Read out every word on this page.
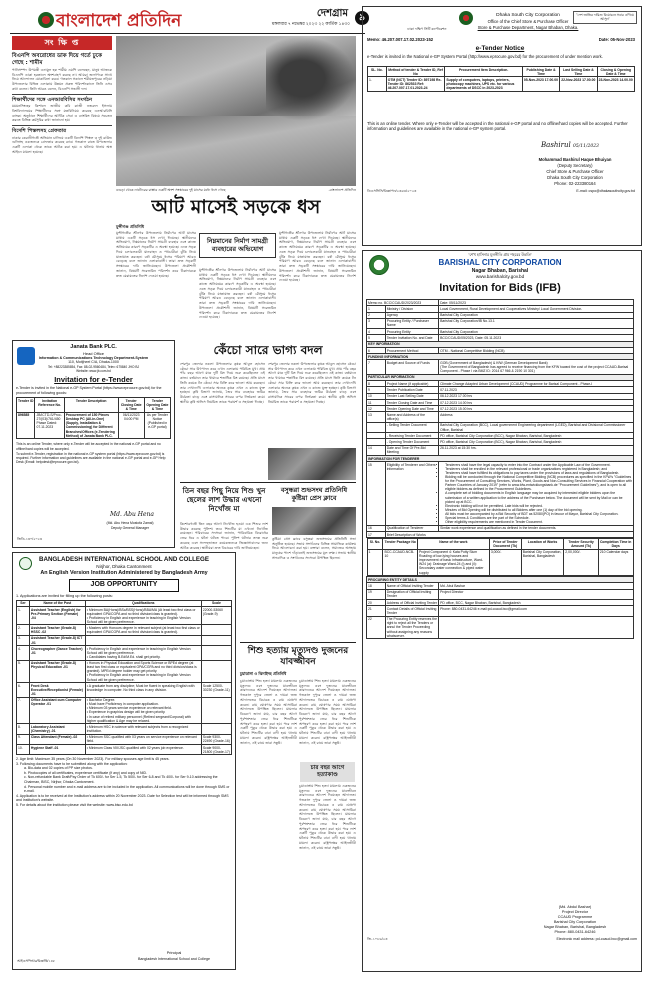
বাংলাদেশ প্রতিদিন	মঙ্গলবার ৭ নভেম্বর ২০২৩ ২২ কার্তিক ১৪৩০
দেশগ্রাম	৯
সং ক্ষি প্ত
বিএনপি অবরোধের ডাক দিয়ে গর্তে ঢুকে গেছে : শামীম
পানিসম্পদ উপমন্ত্রী এনামুল হক শামীম এমপি বলেছেন, মানুষ আজকে বিএনপি ডাকা হরতালে অংশগ্রহণ করছে না। আমরা জনগণকে সাথে নিয়ে আন্দোলন মোকাবিলা করব। গতকাল সকালে শরীয়তপুরের নড়িয়া উপজেলার বিভিন্ন এলাকায় উন্নয়ন প্রকল্প পরিদর্শনকালে তিনি এসব কথা বলেন। তিনি আরও বলেন, বিএনপি সন্ত্রাসী দল।
শিক্ষার্থীদের সঙ্গে এনআরবিসির সংগঠন
ময়মনসিংহের ত্রিশালে জাতীয় কবি কাজী নজরুল ইসলাম বিশ্ববিদ্যালয়ের শিক্ষার্থীদের সঙ্গে মতবিনিময় করেছে এনআরবিসি ব্যাংক। অনুষ্ঠানে শিক্ষার্থীদের আর্থিক সেবা ও ব্যাংকিং বিষয়ে সচেতন করতে বিভিন্ন কর্মসূচির কথা জানানো হয়।
বিদেশি পিস্তলসহ গ্রেফতার
ঢাকার কেরানীগঞ্জে অভিযান চালিয়ে একটি বিদেশি পিস্তল ও দুই রাউন্ড গুলিসহ একজনকে গ্রেফতার করেছে র‍্যাব। গতকাল রাতে উপজেলার একটি এলাকা থেকে তাকে আটক করা হয়। এ ঘটনায় থানায় অস্ত্র আইনে মামলা হয়েছে।
বগুড়া থেকে নাটোরের রাস্তার একটি অংশ সংস্কারের দুই মাসের মধ্যে ধসে গেছে	-বাংলাদেশ প্রতিদিন
আট মাসেই সড়কে ধস
মুন্সীগঞ্জ প্রতিনিধি
মুন্সীগঞ্জের শ্রীনগর উপজেলায় নির্মাণের আট মাসের মাথায় একটি সড়কে ধস দেখা দিয়েছে। স্থানীয়দের অভিযোগ, নিম্নমানের নির্মাণ সামগ্রী ব্যবহার এবং কাজে অনিয়মের কারণে সড়কটির এ অবস্থা হয়েছে। এতে সড়ক দিয়ে চলাচলকারী যানবাহন ও পথচারীরা ঝুঁকি নিয়ে যাতায়াত করছেন। বর্ষা মৌসুমে ধসের পরিমাণ আরও বেড়েছে বলে জানান এলাকাবাসী। তারা দ্রুত সড়কটি সংস্কারের দাবি জানিয়েছেন। উপজেলা প্রকৌশলী জানান, বিষয়টি সরেজমিন পরিদর্শন করে ঠিকাদারকে দ্রুত মেরামতের নির্দেশ দেওয়া হয়েছে।
নিম্নমানের নির্মাণ সামগ্রী ব্যবহারের অভিযোগ
মুন্সীগঞ্জের শ্রীনগর উপজেলায় নির্মাণের আট মাসের মাথায় একটি সড়কে ধস দেখা দিয়েছে। স্থানীয়দের অভিযোগ, নিম্নমানের নির্মাণ সামগ্রী ব্যবহার এবং কাজে অনিয়মের কারণে সড়কটির এ অবস্থা হয়েছে। এতে সড়ক দিয়ে চলাচলকারী যানবাহন ও পথচারীরা ঝুঁকি নিয়ে যাতায়াত করছেন। বর্ষা মৌসুমে ধসের পরিমাণ আরও বেড়েছে বলে জানান এলাকাবাসী। তারা দ্রুত সড়কটি সংস্কারের দাবি জানিয়েছেন। উপজেলা প্রকৌশলী জানান, বিষয়টি সরেজমিন পরিদর্শন করে ঠিকাদারকে দ্রুত মেরামতের নির্দেশ দেওয়া হয়েছে।
মুন্সীগঞ্জের শ্রীনগর উপজেলায় নির্মাণের আট মাসের মাথায় একটি সড়কে ধস দেখা দিয়েছে। স্থানীয়দের অভিযোগ, নিম্নমানের নির্মাণ সামগ্রী ব্যবহার এবং কাজে অনিয়মের কারণে সড়কটির এ অবস্থা হয়েছে। এতে সড়ক দিয়ে চলাচলকারী যানবাহন ও পথচারীরা ঝুঁকি নিয়ে যাতায়াত করছেন। বর্ষা মৌসুমে ধসের পরিমাণ আরও বেড়েছে বলে জানান এলাকাবাসী। তারা দ্রুত সড়কটি সংস্কারের দাবি জানিয়েছেন। উপজেলা প্রকৌশলী জানান, বিষয়টি সরেজমিন পরিদর্শন করে ঠিকাদারকে দ্রুত মেরামতের নির্দেশ দেওয়া হয়েছে।
Janata Bank PLC.
Head Office
Information & Communications Technology Department-System
110, Motijheel C/A, Dhaka-1000
Tel: +88223385854, Fax: 88-02-9560484, Telex: 675840 JHO BJ
Website: www.jb.com.bd
Invitation for e-Tender
e-Tender is invited in the National e-GP System Portal (https://www.eprocure.gov.bd) for the procurement of following goods:
Tender ID	Invitation Reference No.	Tender Description	Tender Closing Date & Time	Tender Opening Date & Time
896585	JB/ICTD-S/Proc-27/(03)/761/450 Phase Dated: 07.11.2023	Procurement of 150 Pieces Desktop PC (All-in-One) (Supply, Installation & Commissioning) for Different Branches/Offices (e-Tendering Method) of Janata Bank PLC.	06/11/2023 04:00 PM	As per Tender Notice (Published in e-GP portal)
This is an online Tender, where only e-Tender will be accepted in the national e-GP portal and no offline/hard copies will be accepted.
To submit e-Tender, registration in the national e-GP system portal (https://www.eprocure.gov.bd) is required. Further information and guidelines are available in the national e-GP portal and e-GP Help Desk (Email: helpdesk@eprocure.gov.bd).
Md. Abu Hena
(Md. Abu Hena Mostofa Zamal)
Deputy General Manager
জিডি-১৩০/২০২৩
কেঁচো সারে ভাগ্য বদল
শেরপুর জেলার নকলা উপজেলার কৃষক আবুল হোসেন কেঁচো সার উৎপাদন করে এখন এলাকায় পরিচিত মুখ। প্রায় পাঁচ বছর আগে মাত্র দুটি রিং দিয়ে শুরু করেছিলেন এই কাজ। বর্তমানে তার খামারে শতাধিক রিং রয়েছে। প্রতি মাসে তিনি কয়েক টন কেঁচো সার বিক্রি করে ভালো আয় করছেন। তার দেখাদেখি এলাকার অনেক কৃষক এখন এ কাজে যুক্ত হচ্ছেন। কৃষি বিভাগ জানায়, জৈব সার ব্যবহারে জমির উর্বরতা বাড়ে এবং রাসায়নিক সারের ওপর নির্ভরতা কমে। স্থানীয় কৃষি অফিস নিয়মিত তাকে পরামর্শ ও সহায়তা দিচ্ছে।
শেরপুর জেলার নকলা উপজেলার কৃষক আবুল হোসেন কেঁচো সার উৎপাদন করে এখন এলাকায় পরিচিত মুখ। প্রায় পাঁচ বছর আগে মাত্র দুটি রিং দিয়ে শুরু করেছিলেন এই কাজ। বর্তমানে তার খামারে শতাধিক রিং রয়েছে। প্রতি মাসে তিনি কয়েক টন কেঁচো সার বিক্রি করে ভালো আয় করছেন। তার দেখাদেখি এলাকার অনেক কৃষক এখন এ কাজে যুক্ত হচ্ছেন। কৃষি বিভাগ জানায়, জৈব সার ব্যবহারে জমির উর্বরতা বাড়ে এবং রাসায়নিক সারের ওপর নির্ভরতা কমে। স্থানীয় কৃষি অফিস নিয়মিত তাকে পরামর্শ ও সহায়তা দিচ্ছে।
তিন বছর পিছু নিয়ে শিশু খুন ছেলের লাশ উদ্ধার এখনো নিখোঁজ মা
কিশোরগঞ্জে তিন বছর আগে নিখোঁজ হওয়া এক শিশুর লাশ উদ্ধার করেছে পুলিশ। তবে শিশুটির মা এখনো নিখোঁজ রয়েছেন। পরিবারের সদস্যরা জানান, পারিবারিক বিরোধের জের ধরে এ ঘটনা ঘটতে পারে। পুলিশ ঘটনার তদন্ত শুরু করেছে এবং সন্দেহভাজন কয়েকজনকে জিজ্ঞাসাবাদের জন্য আটক করেছে। স্থানীয়রা দ্রুত বিচারের দাবি জানিয়েছেন।
বসুন্ধরা শুভসংঘ প্রতিনিধি কুষ্টিয়া প্রেস ক্লাবে
কুষ্টিয়া প্রেস ক্লাবে বসুন্ধরা শুভসংঘের প্রতিনিধি সভা অনুষ্ঠিত হয়েছে। সভায় সংগঠনের বিভিন্ন সামাজিক কার্যক্রম নিয়ে আলোচনা করা হয়। বক্তারা বলেন, সমাজের অসহায় মানুষের পাশে দাঁড়ানোই শুভসংঘের মূল লক্ষ্য। সভায় স্থানীয় সাংবাদিক ও সংগঠনের সদস্যরা উপস্থিত ছিলেন।
শিশু হত্যায় মৃত্যুদণ্ড দুজনের যাবজ্জীবন
চুয়াডাঙ্গা ও ঝিনাইদহ প্রতিনিধি
চুয়াডাঙ্গায় শিশু হত্যা মামলায় একজনের মৃত্যুদণ্ড এবং দুজনের যাবজ্জীবন কারাদণ্ডের আদেশ দিয়েছেন আদালত। গতকাল দুপুরে জেলা ও দায়রা জজ আদালতের বিচারক এ রায় ঘোষণা করেন। রায় ঘোষণার সময় আসামিরা আদালতে উপস্থিত ছিলেন। মামলার বিবরণে জানা যায়, চার বছর আগে পূর্বশত্রুতার জের ধরে শিশুটিকে অপহরণ করে হত্যা করা হয়। পরে লাশ একটি পুকুর থেকে উদ্ধার করা হয়। এ ঘটনায় শিশুটির বাবা বাদী হয়ে থানায় মামলা করেন। রাষ্ট্রপক্ষের আইনজীবী জানান, এই রায়ে তারা সন্তুষ্ট।
চুয়াডাঙ্গায় শিশু হত্যা মামলায় একজনের মৃত্যুদণ্ড এবং দুজনের যাবজ্জীবন কারাদণ্ডের আদেশ দিয়েছেন আদালত। গতকাল দুপুরে জেলা ও দায়রা জজ আদালতের বিচারক এ রায় ঘোষণা করেন। রায় ঘোষণার সময় আসামিরা আদালতে উপস্থিত ছিলেন। মামলার বিবরণে জানা যায়, চার বছর আগে পূর্বশত্রুতার জের ধরে শিশুটিকে অপহরণ করে হত্যা করা হয়। পরে লাশ একটি পুকুর থেকে উদ্ধার করা হয়। এ ঘটনায় শিশুটির বাবা বাদী হয়ে থানায় মামলা করেন। রাষ্ট্রপক্ষের আইনজীবী জানান, এই রায়ে তারা সন্তুষ্ট।
চার বছর আগে হত্যাকাণ্ড
চুয়াডাঙ্গায় শিশু হত্যা মামলায় একজনের মৃত্যুদণ্ড এবং দুজনের যাবজ্জীবন কারাদণ্ডের আদেশ দিয়েছেন আদালত। গতকাল দুপুরে জেলা ও দায়রা জজ আদালতের বিচারক এ রায় ঘোষণা করেন। রায় ঘোষণার সময় আসামিরা আদালতে উপস্থিত ছিলেন। মামলার বিবরণে জানা যায়, চার বছর আগে পূর্বশত্রুতার জের ধরে শিশুটিকে অপহরণ করে হত্যা করা হয়। পরে লাশ একটি পুকুর থেকে উদ্ধার করা হয়। এ ঘটনায় শিশুটির বাবা বাদী হয়ে থানায় মামলা করেন। রাষ্ট্রপক্ষের আইনজীবী জানান, এই রায়ে তারা সন্তুষ্ট।
BANGLADESH INTERNATIONAL SCHOOL AND COLLEGE
Nirjhor, Dhaka Cantonment
An English Version Institution Administered by Bangladesh Army
JOB OPPORTUNITY
1. Applications are invited for filling up the following posts:
Ser	Name of the Post	Qualifications	Scale
1.	Assistant Teacher (English) for Pre-Primary Section (Female) -04	• Minimum BA(Hons)/BSc/BSS(Hons)/BBA/MA (At least two first class or equivalent GPA/CGPA and no third division/class is granted).
• Proficiency in English and experience in teaching in English Version School will be given preference.	22000-53060 (Grade-9)
2.	Assistant Teacher (Grade-8) HSSC -02	• Masters with Honours degree in relevant subject (at least two first class or equivalent GPA/CGPA and no third division/class is granted).	
3.	Assistant Teacher (Grade-8) ICT -01		
4.	Choreographer (Dance Teacher) -01	• Proficiency in English and experience in teaching in English Version School will be given preference.
• Candidates having B.Ed/M.Ed. shall get priority.	
5.	Assistant Teacher (Grade-8) Physical Education -01	• Honors in Physical Education and Sports Science or BPEd degree (at least two first class or equivalent GPA/CGPA and no third division/class is granted). MPEd degree holder may get priority.
• Proficiency in English and experience in teaching in English Version School will be given preference.	
6.	Front Desk Executive/Receptionist (Female) -01	• A graduate from any discipline; Must be fluent in speaking English with knowledge in computer. No third class in any division.	Scale 12500-30230 (Grade-11)
7.	Office Assistant cum Computer Operator -01	• Bachelor Degree.
• Must have Proficiency in computer application.
• Minimum 03 years service experience on relevant field.
• Experience in graphics design will be given priority.
• In case of retired military personnel (Retired sergeant/Corporal) with higher qualification & Age may be relaxed.	
8.	Laboratory Assistant (Chemistry) -01	• Minimum HSC in science with relevant subjects from a recognized institution.	
9.	Class Attendant (Female) -02	• Minimum SSC qualified with 03 years on service experience on relevant field.	Scale 9300-22490 (Grade-16)
10.	Hygiene Staff -01	• Minimum Class VIII/JSC qualified with 02 years job experience.	Scale 9000-21800 (Grade-17)
2. Age limit: Maximum 35 years (On 30 November 2023). For military spouses age limit is 45 years.
3. Following documents have to be submitted along with the application:
a. Bio-data and 02 copies of PP size photos.
b. Photocopies of all certificates, experience certificate (if any) and copy of NID.
c. Non-refundable Bank Draft/Pay Order of Tk 600/- for Ser 1-5, Tk 500/- for Ser 6-8 and Tk 400/- for Ser 9-10 addressing the Chairman, BISC, Nirjhor, Dhaka Cantonment.
d. Personal mobile number and e-mail address are to be included in the application. All communications will be done through SMS or e-mail.
4. Application is to be received at the Institution's address within 20 November 2023. Date for Selection test will be informed through SMS and Institution's website.
5. For details about the institution please visit the website: www.bisc.edu.bd
Principal
Bangladesh International School and College
আইএসপিআর/বিজ্ঞপ্তি/১৪৮
ঢাকা দক্ষিণ সিটি কর্পোরেশন
"দেশ জাতির দারিদ্র্য বিমোচনে সবার এগিয়ে আসুন"
Dhaka South City Corporation
Office of the Chief Store & Purchase Officer
Store & Purchase Department, Nagar Bhaban, Dhaka.
Memo: 46.207.007.17.02.2023-152	Date: 05-Nov-2023
e-Tender Notice
e-Tender is invited in the National e-GP System Portal (http://www.eprocure.gov.bd) for the procurement of under mention work.
SL. No.	Method of tender & Tender ID, Ref No	Procurement Item Description.	Publishing Date & Time	Last Selling Date & Time	Closing & Opening Date & Time
1.	OTM (NCT) Tender ID: 897198 Re-Tender ID: 862533 Ref: 46.207.007.17.01.2023-24	Supply of computers, laptops, printers, photocopy machines, UPS etc. for various departments of DSCC in 2023-2023	05-Nov-2023 17.00.00	22-Nov-2023 17.00.00	23-Nov-2023 14.00.00
This is an online tender. Where only e-Tender will be accepted in the national e-GP portal and no offline/hard copies will be accepted. Further information and guidelines are available in the national e-GP system portal.
Bashirul 05/11/2023
Mohammad Bashirul Haque Bhuiyan
(Deputy Secretary)
Chief Store & Purchase Officer
Dhaka South City Corporation
Phone: 02-223380164
ডিএসসিসি/বিজ্ঞাপন/২৩৬৩/২০২৩	E-mail: cspo@dhakasouthcity.gov.bd
"শেখ হাসিনার মূলনীতি গ্রাম শহরের উন্নতি"
BARISHAL CITY CORPORATION
Nagar Bhaban, Barishal
www.barishalcity.gov.bd
Invitation for Bids (IFB)
Memo no. BCC/CCAUD/2023/2023	Date: 05/11/2023
1	Ministry / Division	Local Government, Rural Development and Cooperatives Ministry/ Local Government Division.
2	Agency	Barishal City Corporation
3	Procuring Entity / Purchaser Name	Barishal City Corporation/IB No.13.1
4	Procuring Entity	Barishal City Corporation
5	Tender Invitation No. and Date	BCC/CCAUD/05/2023, Date: 05.11.2023
KEY INFORMATION
6	Procurement Method	OTM - National Competitive Bidding (NCB)
FUNDING INFORMATION
7	Budget and Source of Funds	GOB (Government of Bangladesh) & KfW (German Development Bank)
(The Government of Bangladesh has agreed to receive financing from the KFW toward the cost of the project CCAUD-Barisal Component - Phase I via BMZ ID: 2014 67 966 & 2190 10 301)
PARTICULAR INFORMATION
8	Project Name (if applicable)	Climate Change Adapted Urban Development (CCAUD) Programme for Barisal Component - Phase-I
9	Tender Publication Date	07.11.2023
10	Tender Last Selling Date	06.12.2023 17.00 hrs
11	Tender Closing Date and Time	07.12.2023 14.00 hrs
12	Tender Opening Date and Time	07.12.2023 15.00 hrs
13	Name and Address of the office(s)	Address
	- Selling Tender Document	Barishal City Corporation (BCC), Local government Engineering department (LGED), Barishal and Divisional Commissioner Office, Barishal
	- Receiving Tender Document	PD office, Barishal City Corporation (BCC), Nagar Bhaban, Barishal, Bangladesh
	- Opening Tender Document	PD office, Barishal City Corporation (BCC), Nagar Bhaban, Barishal, Bangladesh
14	Date and Time Of Pre-Bid Meeting	26.11.2023 at 15:30 hrs.
INFORMATION FOR TENDERER
15	Eligibility of Tenderer and Others information	
• Tenderers shall have the legal capacity to enter into the Contract under the Applicable Law of the Government.
• Tenderers shall be enrolled in the relevant professional or trade organizations registered in Bangladesh; and
• Tenderers shall have fulfilled its obligations to pay taxes under the provisions of laws and regulations of Bangladesh.
• Bidding will be conducted through the National Competitive Bidding (NCB) procedures as specified in the KFW's "Guidelines for the Procurement of Consulting Services, Works, Plant, Goods and Non-Consulting Services in Financial Cooperation with Partner Countries of January 2019" (refer to www.kfw-entwicklungsbank.de "Procurement Guidelines"), and is open to all eligible bidders as defined in the Procurement Guidelines.
• A complete set of bidding documents in English language may be acquired by interested eligible bidders upon the submission of a written application to the address of the Purchaser below. The document will be sent by Mail or can be picked up at BCC.
• Electronic bidding will not be permitted. Late bids will be rejected.
• Minutes of Bid Opening will be distributed to all Bidders after one (1) day of the bid opening.
• All bids must be accompanied by a Bid Security of BDT as 52080(PO) in favour of Mayor, Barishal City Corporation.
• Special terms & Conditions are the part of the Schedule.
• Other eligibility requirements are mentioned in Tender Document.

16	Qualification of Tenderer	Similar work experience and qualification as defined in the tender documents.
17	Brief Description of Works

Sl. No.	Tender Package No	Name of the work	Price of Tender Document (Tk)	Location of Works	Tender Security Amount (Tk)	Completion Time in Days
1	BCC-CCAUD-NCB-10	Project Component 4: Kata Potty Slum Roading of low-lying houses and improvement of basic infrastructure, Ward-W24 (a): Drainage Ward-24 (i) and (ii): Secondary water connection & piped water supply	3,000/-	Barishal City Corporation, Barishal, Bangladesh	2,00,000/-	210 Calendar days

PROCURING ENTITY DETAILS
18	Name of Official Inviting Tender	Md. Abul Bashar
19	Designation of Official Inviting Tender	Project Director
20	Address of Official Inviting Tender	PD office, BCC, Nagar Bhaban, Barishal, Bangladesh
21	Contact Details of Official Inviting Tender	Phone: 880-0431-64246 e-mail:pd-ccaud.bcc@gmail.com
22	The Procuring Entity reserves the right to reject all the Tenders or annul the Tender Proceeding without assigning any reasons whatsoever.	
(Md. Abdul Bashar)
Project Director
CCAUD Programme
Barishal City Corporation
Nagar Bhaban, Barishal, Bangladesh
Phone: 880-0431-64246
জি-১০৮৬/২৩	Electronic mail address: pd-ccaud.bcc@gmail.com
